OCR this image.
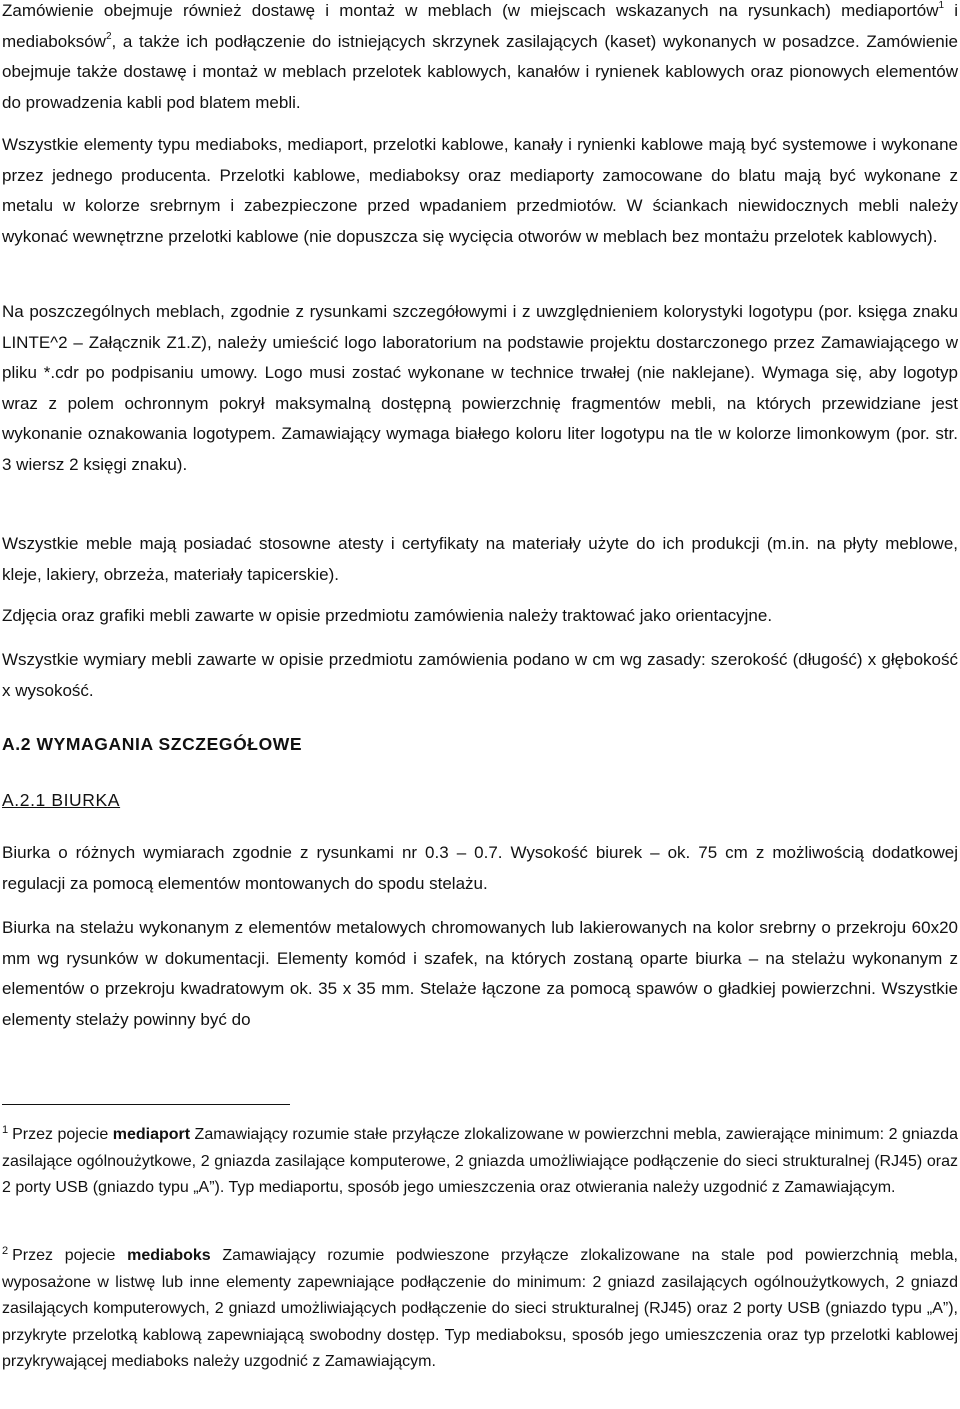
Zamówienie obejmuje również dostawę i montaż w meblach (w miejscach wskazanych na rysunkach) mediaportów$^1$ i mediaboksów$^2$, a także ich podłączenie do istniejących skrzynek zasilających (kaset) wykonanych w posadzce. Zamówienie obejmuje także dostawę i montaż w meblach przelotek kablowych, kanałów i rynienek kablowych oraz pionowych elementów do prowadzenia kabli pod blatem mebli.

Wszystkie elementy typu mediaboks, mediaport, przelotki kablowe, kanały i rynienki kablowe mają być systemowe i wykonane przez jednego producenta. Przelotki kablowe, mediaboksy oraz mediaporty zamocowane do blatu mają być wykonane z metalu w kolorze srebrnym i zabezpieczone przed wpadaniem przedmiotów. W ściankach niewidocznych mebli należy wykonać wewnętrzne przelotki kablowe (nie dopuszcza się wycięcia otworów w meblach bez montażu przelotek kablowych).

Na poszczególnych meblach, zgodnie z rysunkami szczegółowymi i z uwzględnieniem kolorystyki logotypu (por. księga znaku LINTE^2 – Załącznik Z1.Z), należy umieścić logo laboratorium na podstawie projektu dostarczonego przez Zamawiającego w pliku *.cdr po podpisaniu umowy. Logo musi zostać wykonane w technice trwałej (nie naklejane). Wymaga się, aby logotyp wraz z polem ochronnym pokrył maksymalną dostępną powierzchnię fragmentów mebli, na których przewidziane jest wykonanie oznakowania logotypem. Zamawiający wymaga białego koloru liter logotypu na tle w kolorze limonkowym (por. str. 3 wiersz 2 księgi znaku).

Wszystkie meble mają posiadać stosowne atesty i certyfikaty na materiały użyte do ich produkcji (m.in. na płyty meblowe, kleje, lakiery, obrzeża, materiały tapicerskie).

Zdjęcia oraz grafiki mebli zawarte w opisie przedmiotu zamówienia należy traktować jako orientacyjne.

Wszystkie wymiary mebli zawarte w opisie przedmiotu zamówienia podano w cm wg zasady: szerokość (długość) x głębokość x wysokość.

A.2 WYMAGANIA SZCZEGÓŁOWE
A.2.1 BIURKA

Biurka o różnych wymiarach zgodnie z rysunkami nr 0.3 – 0.7. Wysokość biurek – ok. 75 cm z możliwością dodatkowej regulacji za pomocą elementów montowanych do spodu stelażu.

Biurka na stelażu wykonanym z elementów metalowych chromowanych lub lakierowanych na kolor srebrny o przekroju 60x20 mm wg rysunków w dokumentacji. Elementy komód i szafek, na których zostaną oparte biurka – na stelażu wykonanym z elementów o przekroju kwadratowym ok. 35 x 35 mm. Stelaże łączone za pomocą spawów o gładkiej powierzchni. Wszystkie elementy stelaży powinny być do

$^1$ Przez pojecie mediaport Zamawiający rozumie stałe przyłącze zlokalizowane w powierzchni mebla, zawierające minimum: 2 gniazda zasilające ogólnoużytkowe, 2 gniazda zasilające komputerowe, 2 gniazda umożliwiające podłączenie do sieci strukturalnej (RJ45) oraz 2 porty USB (gniazdo typu „A”). Typ mediaportu, sposób jego umieszczenia oraz otwierania należy uzgodnić z Zamawiającym.

$^2$ Przez pojecie mediaboks Zamawiający rozumie podwieszone przyłącze zlokalizowane na stale pod powierzchnią mebla, wyposażone w listwę lub inne elementy zapewniające podłączenie do minimum: 2 gniazd zasilających ogólnoużytkowych, 2 gniazd zasilających komputerowych, 2 gniazd umożliwiających podłączenie do sieci strukturalnej (RJ45) oraz 2 porty USB (gniazdo typu „A”), przykryte przelotką kablową zapewniającą swobodny dostęp. Typ mediaboksu, sposób jego umieszczenia oraz typ przelotki kablowej przykrywającej mediaboks należy uzgodnić z Zamawiającym.
